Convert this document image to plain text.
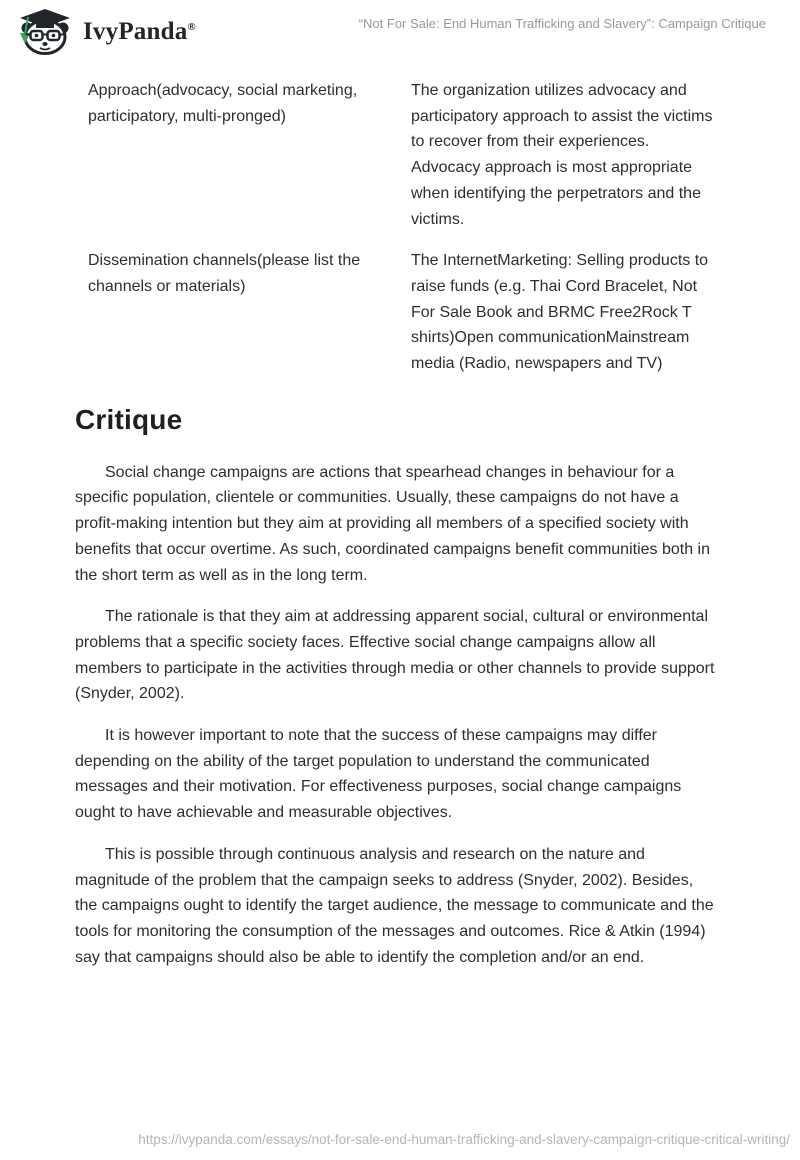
IvyPanda®	“Not For Sale: End Human Trafficking and Slavery”: Campaign Critique
Approach(advocacy, social marketing, participatory, multi-pronged)
The organization utilizes advocacy and participatory approach to assist the victims to recover from their experiences. Advocacy approach is most appropriate when identifying the perpetrators and the victims.
Dissemination channels(please list the channels or materials)
The InternetMarketing: Selling products to raise funds (e.g. Thai Cord Bracelet, Not For Sale Book and BRMC Free2Rock T shirts)Open communicationMainstream media (Radio, newspapers and TV)
Critique

Social change campaigns are actions that spearhead changes in behaviour for a specific population, clientele or communities. Usually, these campaigns do not have a profit-making intention but they aim at providing all members of a specified society with benefits that occur overtime. As such, coordinated campaigns benefit communities both in the short term as well as in the long term.

The rationale is that they aim at addressing apparent social, cultural or environmental problems that a specific society faces. Effective social change campaigns allow all members to participate in the activities through media or other channels to provide support (Snyder, 2002).

It is however important to note that the success of these campaigns may differ depending on the ability of the target population to understand the communicated messages and their motivation. For effectiveness purposes, social change campaigns ought to have achievable and measurable objectives.

This is possible through continuous analysis and research on the nature and magnitude of the problem that the campaign seeks to address (Snyder, 2002). Besides, the campaigns ought to identify the target audience, the message to communicate and the tools for monitoring the consumption of the messages and outcomes. Rice & Atkin (1994) say that campaigns should also be able to identify the completion and/or an end.

https://ivypanda.com/essays/not-for-sale-end-human-trafficking-and-slavery-campaign-critique-critical-writing/
